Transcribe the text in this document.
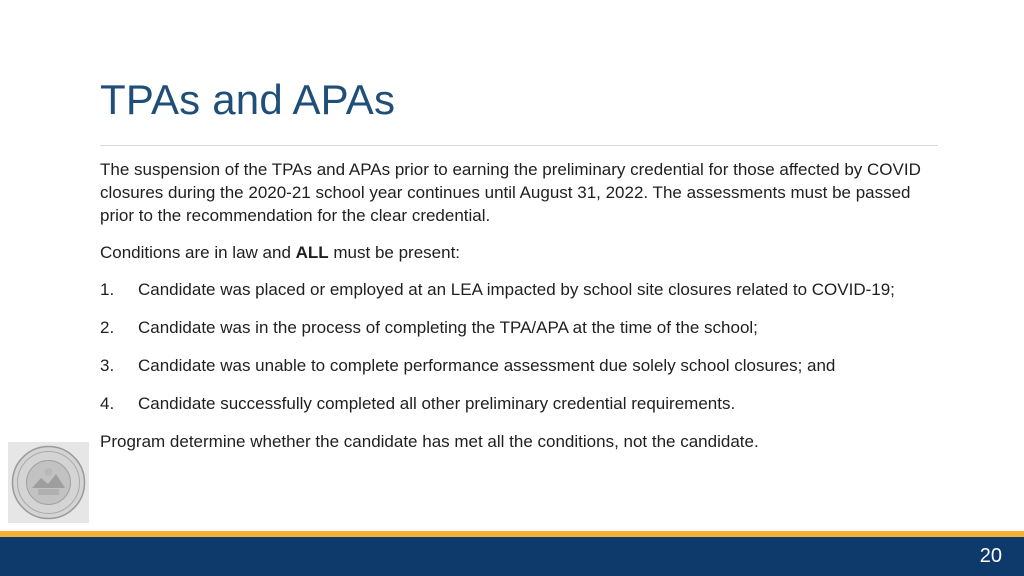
TPAs and APAs

The suspension of the TPAs and APAs prior to earning the preliminary credential for those affected by COVID closures during the 2020-21 school year continues until August 31, 2022. The assessments must be passed prior to the recommendation for the clear credential.

Conditions are in law and ALL must be present:

1. Candidate was placed or employed at an LEA impacted by school site closures related to COVID-19;
2. Candidate was in the process of completing the TPA/APA at the time of the school;
3. Candidate was unable to complete performance assessment due solely school closures; and
4. Candidate successfully completed all other preliminary credential requirements.

Program determine whether the candidate has met all the conditions, not the candidate.

20
